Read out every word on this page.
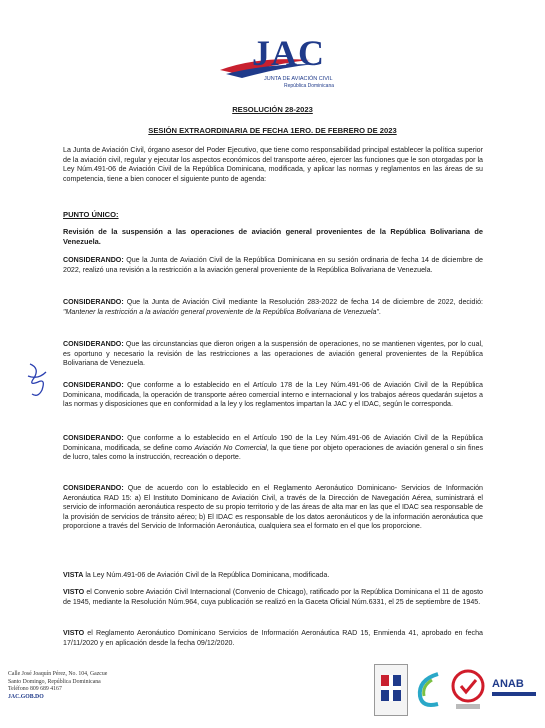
JAC
JUNTA DE AVIACIÓN CIVIL
República Dominicana
RESOLUCIÓN 28-2023
SESIÓN EXTRAORDINARIA DE FECHA 1ERO. DE FEBRERO DE 2023

La Junta de Aviación Civil, órgano asesor del Poder Ejecutivo, que tiene como responsabilidad principal establecer la política superior de la aviación civil, regular y ejecutar los aspectos económicos del transporte aéreo, ejercer las funciones que le son otorgadas por la Ley Núm.491-06 de Aviación Civil de la República Dominicana, modificada, y aplicar las normas y reglamentos en las áreas de su competencia, tiene a bien conocer el siguiente punto de agenda:

PUNTO ÚNICO:

Revisión de la suspensión a las operaciones de aviación general provenientes de la República Bolivariana de Venezuela.

CONSIDERANDO: Que la Junta de Aviación Civil de la República Dominicana en su sesión ordinaria de fecha 14 de diciembre de 2022, realizó una revisión a la restricción a la aviación general proveniente de la República Bolivariana de Venezuela.

CONSIDERANDO: Que la Junta de Aviación Civil mediante la Resolución 283-2022 de fecha 14 de diciembre de 2022, decidió: "Mantener la restricción a la aviación general proveniente de la República Bolivariana de Venezuela".

CONSIDERANDO: Que las circunstancias que dieron origen a la suspensión de operaciones, no se mantienen vigentes, por lo cual, es oportuno y necesario la revisión de las restricciones a las operaciones de aviación general provenientes de la República Bolivariana de Venezuela.

CONSIDERANDO: Que conforme a lo establecido en el Artículo 178 de la Ley Núm.491-06 de Aviación Civil de la República Dominicana, modificada, la operación de transporte aéreo comercial interno e internacional y los trabajos aéreos quedarán sujetos a las normas y disposiciones que en conformidad a la ley y los reglamentos impartan la JAC y el IDAC, según le corresponda.

CONSIDERANDO: Que conforme a lo establecido en el Artículo 190 de la Ley Núm.491-06 de Aviación Civil de la República Dominicana, modificada, se define como Aviación No Comercial, la que tiene por objeto operaciones de aviación general o sin fines de lucro, tales como la instrucción, recreación o deporte.

CONSIDERANDO: Que de acuerdo con lo establecido en el Reglamento Aeronáutico Dominicano- Servicios de Información Aeronáutica RAD 15: a) El Instituto Dominicano de Aviación Civil, a través de la Dirección de Navegación Aérea, suministrará el servicio de información aeronáutica respecto de su propio territorio y de las áreas de alta mar en las que el IDAC sea responsable de la provisión de servicios de tránsito aéreo; b) El IDAC es responsable de los datos aeronáuticos y de la información aeronáutica que proporcione a través del Servicio de Información Aeronáutica, cualquiera sea el formato en el que los proporcione.

VISTA la Ley Núm.491-06 de Aviación Civil de la República Dominicana, modificada.

VISTO el Convenio sobre Aviación Civil Internacional (Convenio de Chicago), ratificado por la República Dominicana el 11 de agosto de 1945, mediante la Resolución Núm.964, cuya publicación se realizó en la Gaceta Oficial Núm.6331, el 25 de septiembre de 1945.

VISTO el Reglamento Aeronáutico Dominicano Servicios de Información Aeronáutica RAD 15, Enmienda 41, aprobado en fecha 17/11/2020 y en aplicación desde la fecha 09/12/2020.

Calle José Joaquín Pérez, No. 104, Gazcue
Santo Domingo, República Dominicana
Teléfono 809 689 4167
JAC.GOB.DO
ANAB
